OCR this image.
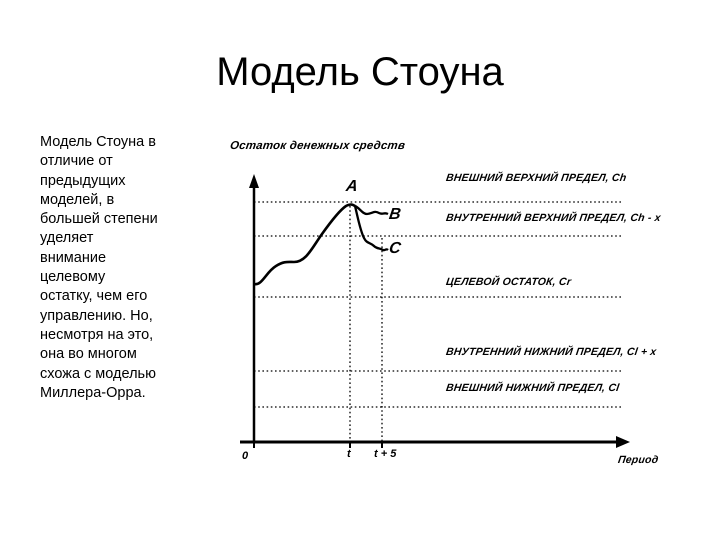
Модель Стоуна
Модель Стоуна в
отличие от
предыдущих
моделей, в
большей степени
уделяет
внимание
целевому
остатку, чем его
управлению. Но,
несмотря на это,
она во многом
схожа с моделью
Миллера-Орра.
Остаток денежных средств
Период
ВНЕШНИЙ ВЕРХНИЙ ПРЕДЕЛ, Ch
ВНУТРЕННИЙ ВЕРХНИЙ ПРЕДЕЛ, Ch - x
ЦЕЛЕВОЙ ОСТАТОК, Cr
ВНУТРЕННИЙ НИЖНИЙ ПРЕДЕЛ, Cl + x
ВНЕШНИЙ НИЖНИЙ ПРЕДЕЛ, Cl
A
B
C
0	t t + 5
